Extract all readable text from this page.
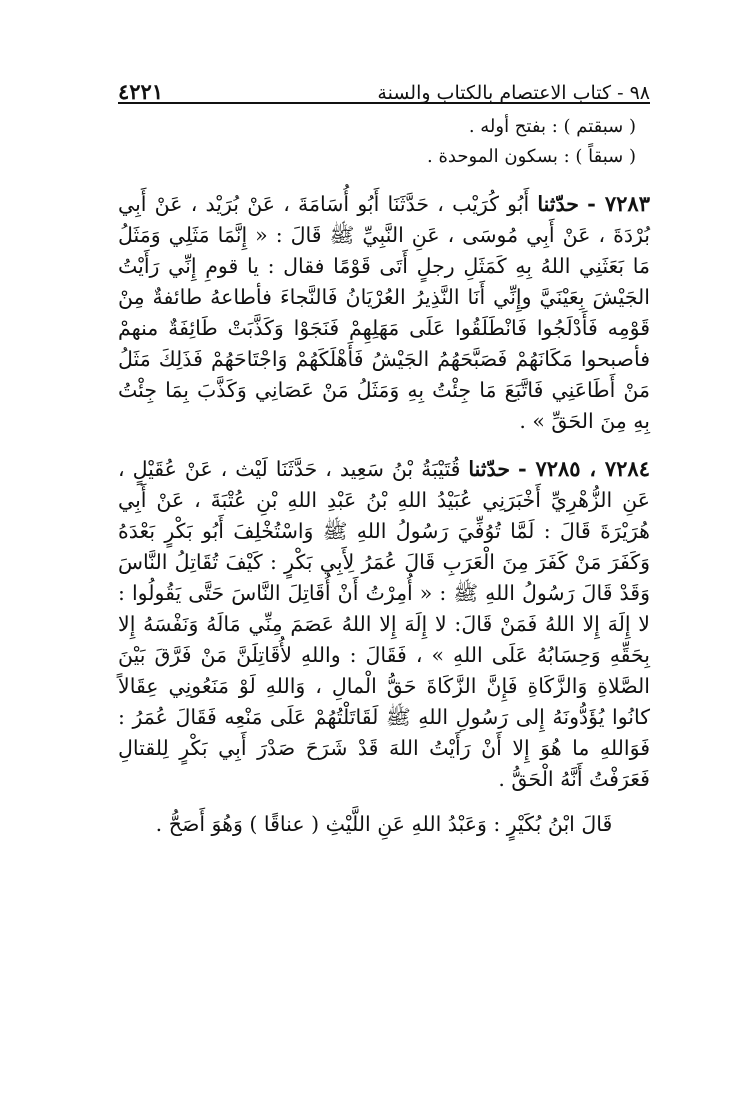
٩٨ - كتاب الاعتصام بالكتاب والسنة
٤٢٢١

( سبقتم ) : بفتح أوله .

( سبقاً ) : بسكون الموحدة .

٧٢٨٣ - حدّثنا أَبُو كُرَيْب ، حَدَّثَنَا أَبُو أُسَامَةَ ، عَنْ بُرَيْد ، عَنْ أَبِي بُرْدَةَ ، عَنْ أَبِي مُوسَى ، عَنِ النَّبِيِّ ﷺ قَالَ : « إِنَّمَا مَثَلِي وَمَثَلُ مَا بَعَثَنِي اللهُ بِهِ كَمَثَلِ رجلٍ أَتَى قَوْمًا فقال : يا قومِ إِنِّي رَأَيْتُ الجَيْشَ بِعَيْنَيَّ وإِنِّي أَنَا النَّذِيرُ العُرْيَانُ فَالنَّجاءَ فأطاعهُ طائفةٌ مِنْ قَوْمِه فَأَدْلَجُوا فَانْطَلَقُوا عَلَى مَهَلِهِمْ فَنَجَوْا وَكَذَّبَتْ طَائِفَةٌ منهمْ فأصبحوا مَكَانَهُمْ فَصَبَّحَهُمُ الجَيْشُ فَأَهْلَكَهُمْ وَاجْتَاحَهُمْ فَذَلِكَ مَثَلُ مَنْ أَطَاعَنِي فَاتَّبَعَ مَا جِئْتُ بِهِ وَمَثَلُ مَنْ عَصَانِي وَكَذَّبَ بِمَا جِئْتُ بِهِ مِنَ الحَقِّ » .

٧٢٨٤ ، ٧٢٨٥ - حدّثنا قُتَيْبَةُ بْنُ سَعِيد ، حَدَّثَنَا لَيْث ، عَنْ عُقَيْلٍ ، عَنِ الزُّهْرِيِّ أَخْبَرَنِي عُبَيْدُ اللهِ بْنُ عَبْدِ اللهِ بْنِ عُتْبَةَ ، عَنْ أَبِي هُرَيْرَةَ قَالَ : لَمَّا تُوُفِّيَ رَسُولُ اللهِ ﷺ وَاسْتُخْلِفَ أَبُو بَكْرٍ بَعْدَهُ وَكَفَرَ مَنْ كَفَرَ مِنَ الْعَرَبِ قَالَ عُمَرُ لِأَبِي بَكْرٍ : كَيْفَ تُقَاتِلُ النَّاسَ وَقَدْ قَالَ رَسُولُ اللهِ ﷺ : « أُمِرْتُ أَنْ أُقَاتِلَ النَّاسَ حَتَّى يَقُولُوا : لا إِلَهَ إِلا اللهُ فَمَنْ قَالَ: لا إِلَهَ إِلا اللهُ عَصَمَ مِنِّي مَالَهُ وَنَفْسَهُ إِلا بِحَقِّهِ وَحِسَابُهُ عَلَى اللهِ » ، فَقَالَ : واللهِ لأُقَاتِلَنَّ مَنْ فَرَّقَ بَيْنَ الصَّلاةِ وَالزَّكَاةِ فَإِنَّ الزَّكَاةَ حَقُّ الْمالِ ، وَاللهِ لَوْ مَنَعُونِي عِقَالاً كانُوا يُؤَدُّونَهُ إِلى رَسُولِ اللهِ ﷺ لَقَاتَلْتُهُمْ عَلَى مَنْعِه فَقَالَ عُمَرُ : فَوَاللهِ ما هُوَ إِلا أَنْ رَأَيْتُ اللهَ قَدْ شَرَحَ صَدْرَ أَبِي بَكْرٍ لِلقتالِ فَعَرَفْتُ أَنَّهُ الْحَقُّ .

قَالَ ابْنُ بُكَيْرٍ : وَعَبْدُ اللهِ عَنِ اللَّيْثِ ( عناقًا ) وَهُوَ أَصَحُّ .
